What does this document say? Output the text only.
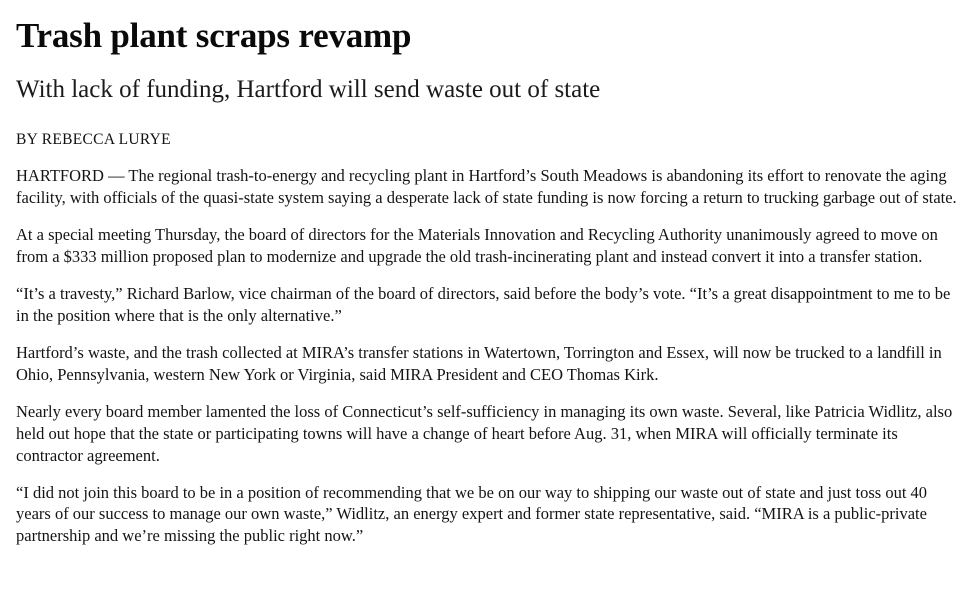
Trash plant scraps revamp
With lack of funding, Hartford will send waste out of state
BY REBECCA LURYE

HARTFORD — The regional trash-to-energy and recycling plant in Hartford’s South Meadows is abandoning its effort to renovate the aging facility, with officials of the quasi-state system saying a desperate lack of state funding is now forcing a return to trucking garbage out of state.

At a special meeting Thursday, the board of directors for the Materials Innovation and Recycling Authority unanimously agreed to move on from a $333 million proposed plan to modernize and upgrade the old trash-incinerating plant and instead convert it into a transfer station.

“It’s a travesty,” Richard Barlow, vice chairman of the board of directors, said before the body’s vote. “It’s a great disappointment to me to be in the position where that is the only alternative.”

Hartford’s waste, and the trash collected at MIRA’s transfer stations in Watertown, Torrington and Essex, will now be trucked to a landfill in Ohio, Pennsylvania, western New York or Virginia, said MIRA President and CEO Thomas Kirk.

Nearly every board member lamented the loss of Connecticut’s self-sufficiency in managing its own waste. Several, like Patricia Widlitz, also held out hope that the state or participating towns will have a change of heart before Aug. 31, when MIRA will officially terminate its contractor agreement.

“I did not join this board to be in a position of recommending that we be on our way to shipping our waste out of state and just toss out 40 years of our success to manage our own waste,” Widlitz, an energy expert and former state representative, said. “MIRA is a public-private partnership and we’re missing the public right now.”
